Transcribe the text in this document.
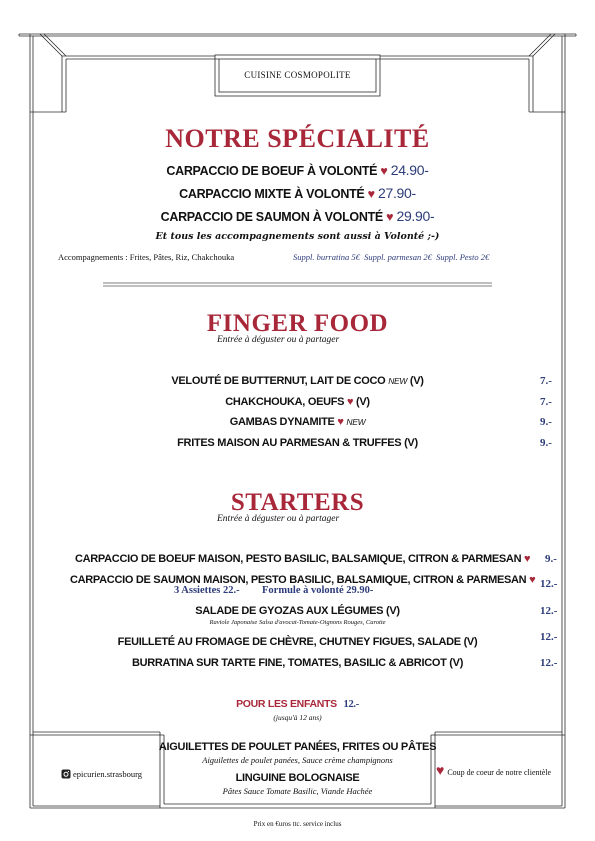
CUISINE COSMOPOLITE
NOTRE SPÉCIALITÉ
CARPACCIO DE BOEUF À VOLONTÉ ♥ 24.90-
CARPACCIO MIXTE À VOLONTÉ ♥ 27.90-
CARPACCIO DE SAUMON À VOLONTÉ ♥ 29.90-
Et tous les accompagnements sont aussi à Volonté ;-)
Accompagnements : Frites, Pâtes, Riz, Chakchouka	Suppl. burratina 5€  Suppl. parmesan 2€  Suppl. Pesto 2€
FINGER FOOD
Entrée à déguster ou à partager
VELOUTÉ DE BUTTERNUT, LAIT DE COCO NEW (V)	7.-
CHAKCHOUKA, OEUFS ♥ (V)	7.-
GAMBAS DYNAMITE ♥ NEW	9.-
FRITES MAISON AU PARMESAN & TRUFFES (V)	9.-
STARTERS
Entrée à déguster ou à partager
CARPACCIO DE BOEUF MAISON, PESTO BASILIC, BALSAMIQUE, CITRON & PARMESAN ♥ 9.-
CARPACCIO DE SAUMON MAISON, PESTO BASILIC, BALSAMIQUE, CITRON & PARMESAN ♥ 12.-
3 Assiettes 22.- Formule à volonté 29.90-
SALADE DE GYOZAS AUX LÉGUMES (V)	12.-
Raviole Japonaise Salsa d'avocat-Tomate-Oignons Rouges, Carotte
FEUILLETÉ AU FROMAGE DE CHÈVRE, CHUTNEY FIGUES, SALADE (V)	12.-
BURRATINA SUR TARTE FINE, TOMATES, BASILIC & ABRICOT (V)	12.-
POUR LES ENFANTS 12.-
(jusqu'à 12 ans)
AIGUILETTES DE POULET PANÉES, FRITES OU PÂTES
Aiguilettes de poulet panées, Sauce crème champignons
LINGUINE BOLOGNAISE
Pâtes Sauce Tomate Basilic, Viande Hachée
epicurien.strasbourg	♥ Coup de coeur de notre clientèle
Prix en €uros ttc. service inclus
